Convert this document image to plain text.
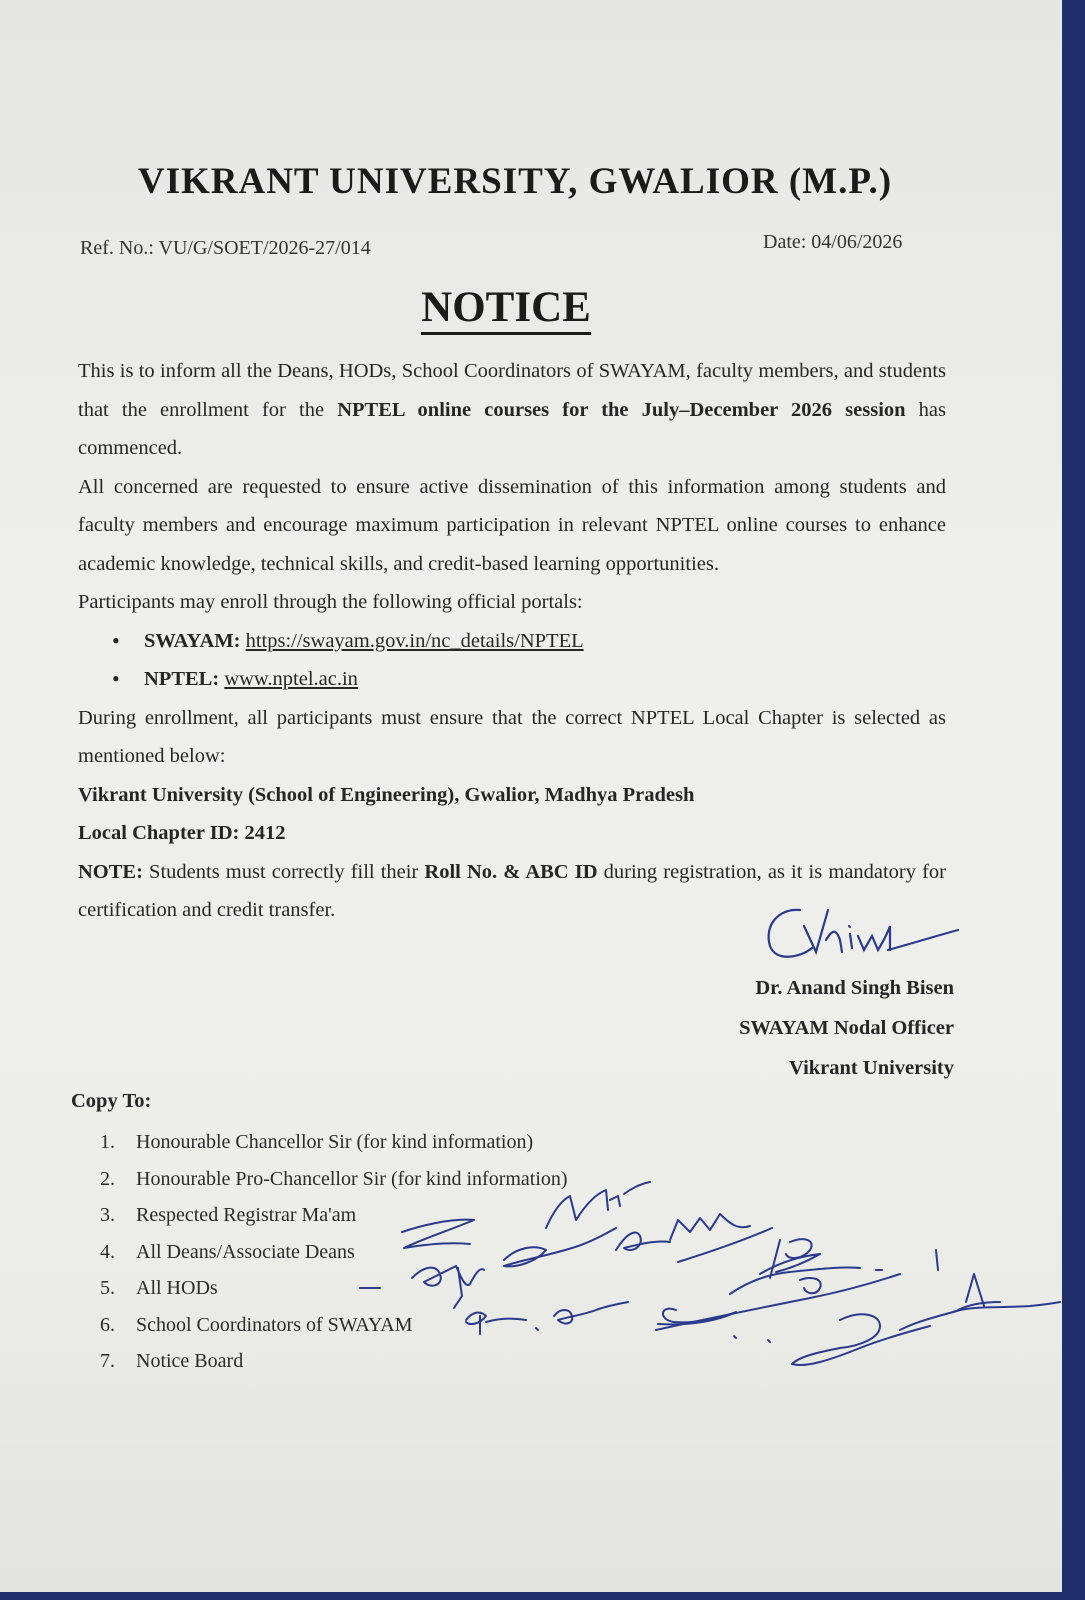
VIKRANT UNIVERSITY, GWALIOR (M.P.)
Ref. No.: VU/G/SOET/2026-27/014	Date: 04/06/2026
NOTICE

This is to inform all the Deans, HODs, School Coordinators of SWAYAM, faculty members, and students that the enrollment for the NPTEL online courses for the July–December 2026 session has commenced.

All concerned are requested to ensure active dissemination of this information among students and faculty members and encourage maximum participation in relevant NPTEL online courses to enhance academic knowledge, technical skills, and credit-based learning opportunities.

Participants may enroll through the following official portals:

• SWAYAM: https://swayam.gov.in/nc_details/NPTEL
• NPTEL: www.nptel.ac.in

During enrollment, all participants must ensure that the correct NPTEL Local Chapter is selected as mentioned below:

Vikrant University (School of Engineering), Gwalior, Madhya Pradesh

Local Chapter ID: 2412

NOTE: Students must correctly fill their Roll No. & ABC ID during registration, as it is mandatory for certification and credit transfer.

Dr. Anand Singh Bisen
SWAYAM Nodal Officer
Vikrant University
Copy To:
1. Honourable Chancellor Sir (for kind information)
2. Honourable Pro-Chancellor Sir (for kind information)
3. Respected Registrar Ma'am
4. All Deans/Associate Deans
5. All HODs
6. School Coordinators of SWAYAM
7. Notice Board
